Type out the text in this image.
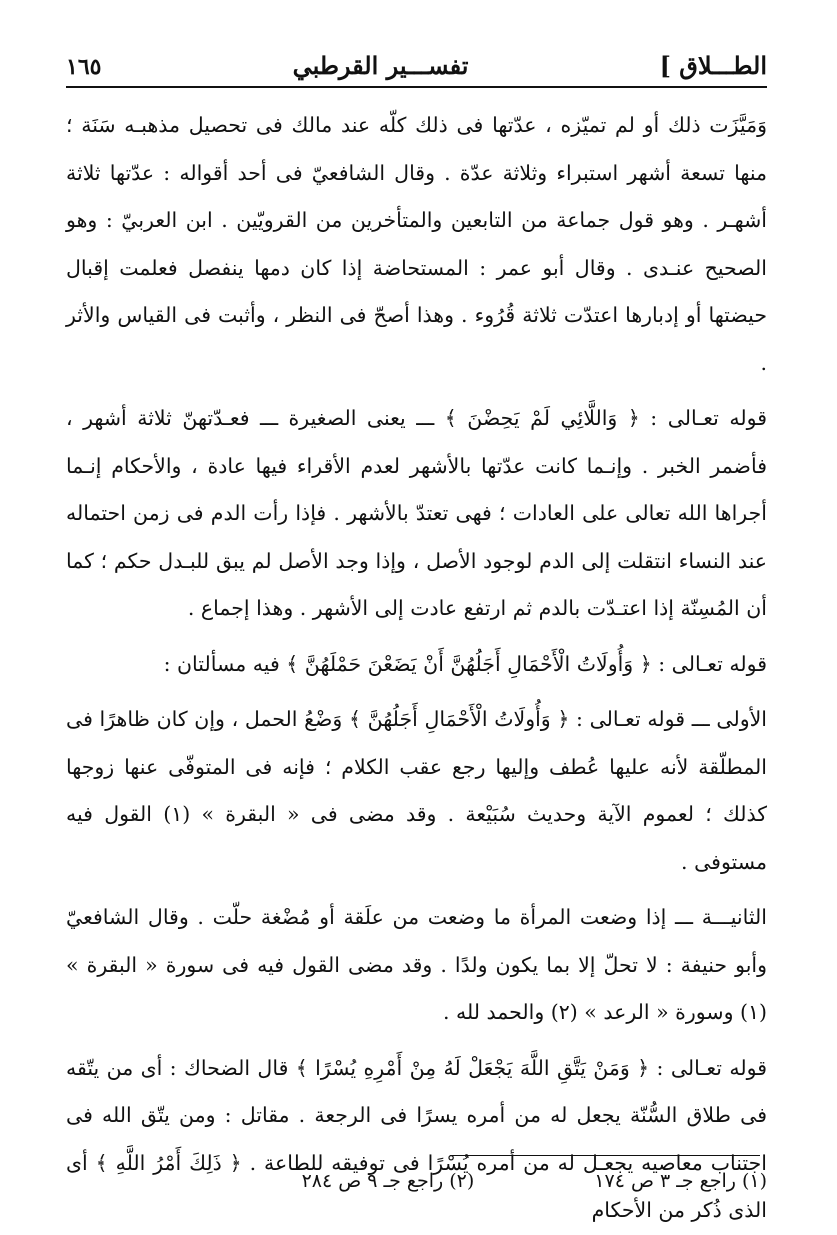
الطـــلاق ]
تفســـير القرطبي
١٦٥

وَمَيَّزَت ذلك أو لم تميّزه ، عدّتها فى ذلك كلّه عند مالك فى تحصيل مذهبـه سَنَة ؛ منها تسعة أشهر استبراء وثلاثة عدّة . وقال الشافعيّ فى أحد أقواله : عدّتها ثلاثة أشهـر . وهو قول جماعة من التابعين والمتأخرين من القرويّين . ابن العربيّ : وهو الصحيح عنـدى . وقال أبو عمر : المستحاضة إذا كان دمها ينفصل فعلمت إقبال حيضتها أو إدبارها اعتدّت ثلاثة قُرُوء . وهذا أصحّ فى النظر ، وأثبت فى القياس والأثر .

قوله تعـالى : ﴿ وَاللَّائِي لَمْ يَحِضْنَ ﴾ ـــ يعنى الصغيرة ـــ فعـدّتهنّ ثلاثة أشهر ، فأضمر الخبر . وإنـما كانت عدّتها بالأشهر لعدم الأقراء فيها عادة ، والأحكام إنـما أجراها الله تعالى على العادات ؛ فهى تعتدّ بالأشهر . فإذا رأت الدم فى زمن احتماله عند النساء انتقلت إلى الدم لوجود الأصل ، وإذا وجد الأصل لم يبق للبـدل حكم ؛ كما أن المُسِنّة إذا اعتـدّت بالدم ثم ارتفع عادت إلى الأشهر . وهذا إجماع .

قوله تعـالى : ﴿ وَأُولَاتُ الْأَحْمَالِ أَجَلُهُنَّ أَنْ يَضَعْنَ حَمْلَهُنَّ ﴾ فيه مسألتان :

الأولى ـــ قوله تعـالى : ﴿ وَأُولَاتُ الْأَحْمَالِ أَجَلُهُنَّ ﴾ وَضْعُ الحمل ، وإن كان ظاهرًا فى المطلّقة لأنه عليها عُطف وإليها رجع عقب الكلام ؛ فإنه فى المتوفّى عنها زوجها كذلك ؛ لعموم الآية وحديث سُبَيْعة . وقد مضى فى « البقرة » (١) القول فيه مستوفى .

الثانيـــة ـــ إذا وضعت المرأة ما وضعت من علَقة أو مُضْغة حلّت . وقال الشافعيّ وأبو حنيفة : لا تحلّ إلا بما يكون ولدًا . وقد مضى القول فيه فى سورة « البقرة » (١) وسورة « الرعد » (٢) والحمد لله .

قوله تعـالى : ﴿ وَمَنْ يَتَّقِ اللَّهَ يَجْعَلْ لَهُ مِنْ أَمْرِهِ يُسْرًا ﴾ قال الضحاك : أى من يتّقه فى طلاق السُّنّة يجعل له من أمره يسرًا فى الرجعة . مقاتل : ومن يتّق الله فى اجتناب معاصيه يجعـل له من أمره يُسْرًا فى توفيقه للطاعة . ﴿ ذَلِكَ أَمْرُ اللَّهِ ﴾ أى الذى ذُكر من الأحكام

(١) راجع جـ ٣ ص ١٧٤
(٢) راجع جـ ٩ ص ٢٨٤
